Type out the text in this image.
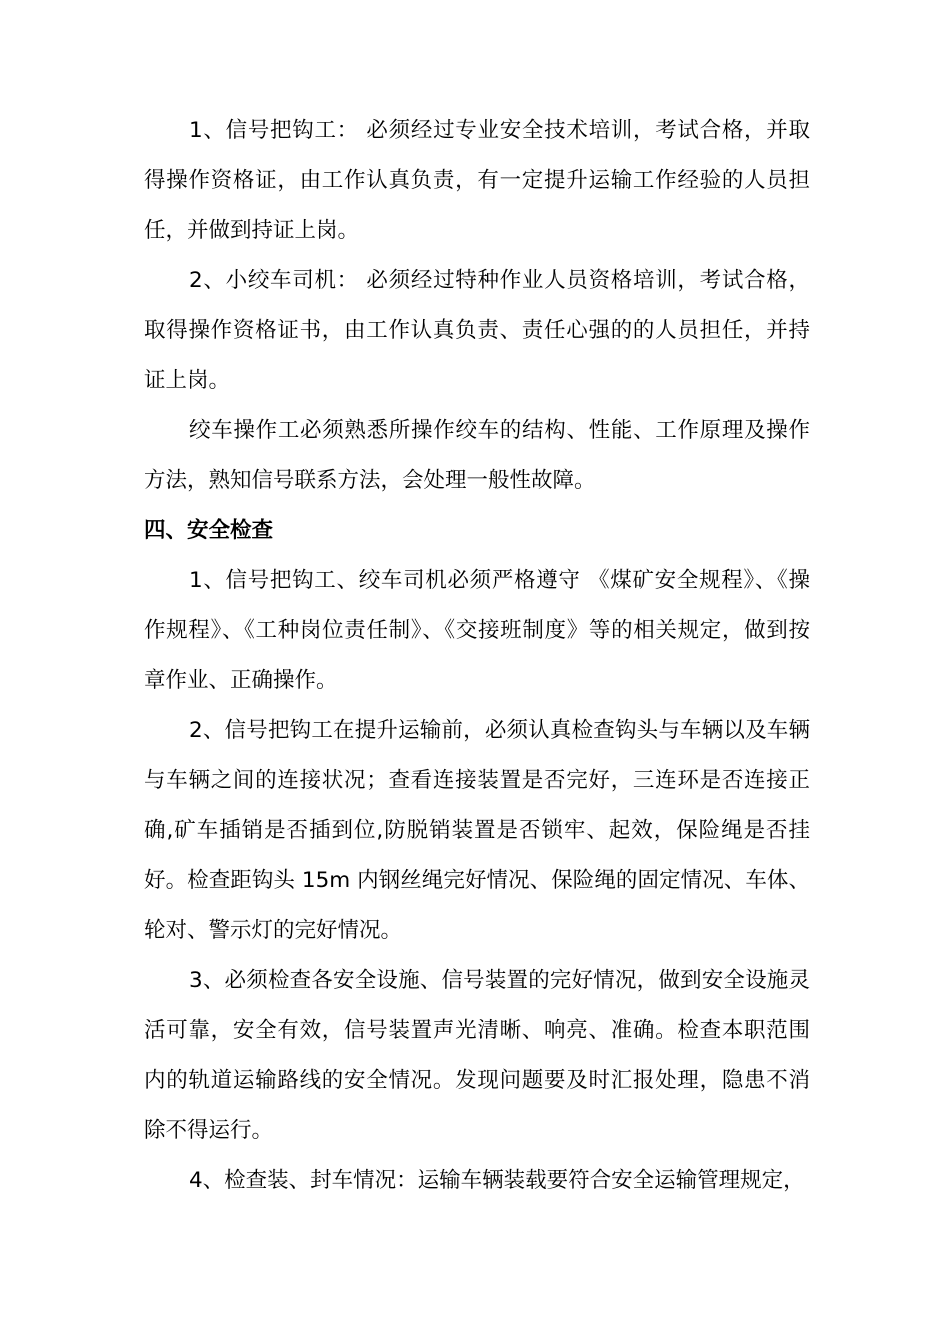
1、信号把钩工： 必须经过专业安全技术培训，考试合格，并取得操作资格证，由工作认真负责，有一定提升运输工作经验的人员担任，并做到持证上岗。

2、小绞车司机： 必须经过特种作业人员资格培训，考试合格，取得操作资格证书，由工作认真负责、责任心强的的人员担任，并持证上岗。

绞车操作工必须熟悉所操作绞车的结构、性能、工作原理及操作方法，熟知信号联系方法，会处理一般性故障。

四、安全检查

1、信号把钩工、绞车司机必须严格遵守 《煤矿安全规程》、《操作规程》、《工种岗位责任制》、《交接班制度》等的相关规定，做到按章作业、正确操作。

2、信号把钩工在提升运输前，必须认真检查钩头与车辆以及车辆与车辆之间的连接状况；查看连接装置是否完好，三连环是否连接正确,矿车插销是否插到位,防脱销装置是否锁牢、起效，保险绳是否挂好。检查距钩头 15m 内钢丝绳完好情况、保险绳的固定情况、车体、轮对、警示灯的完好情况。

3、必须检查各安全设施、信号装置的完好情况，做到安全设施灵活可靠，安全有效，信号装置声光清晰、响亮、准确。检查本职范围内的轨道运输路线的安全情况。发现问题要及时汇报处理，隐患不消除不得运行。

4、检查装、封车情况：运输车辆装载要符合安全运输管理规定，
